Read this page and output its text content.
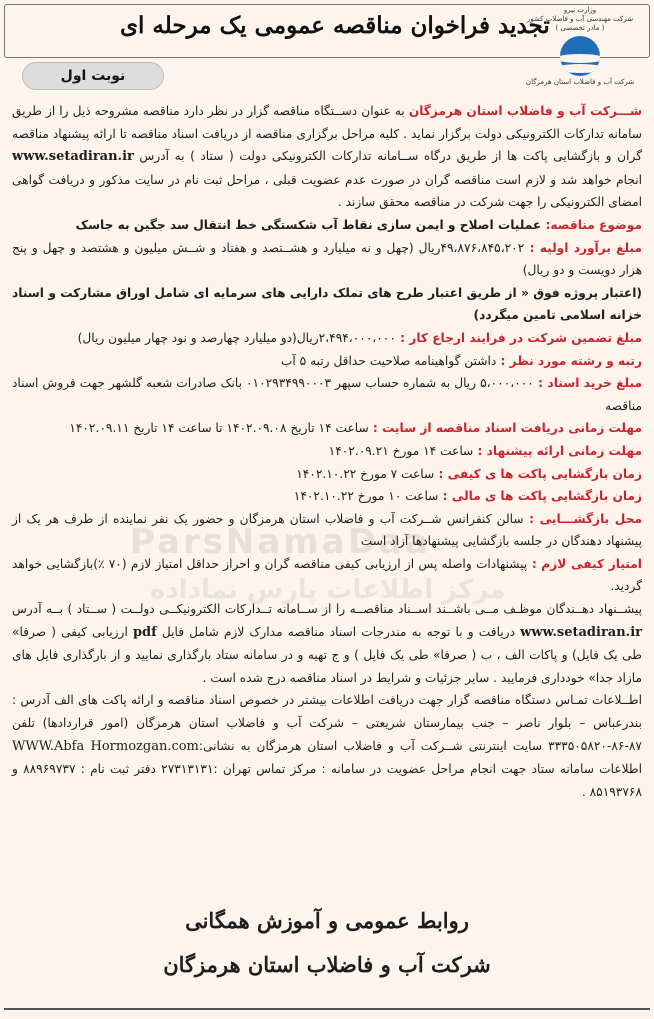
تجدید فراخوان مناقصه عمومی یک مرحله ای
وزارت نیرو
شرکت مهندسی آب و فاضلاب کشور
( مادر تخصصی )
شرکت آب و فاضلاب استان هرمزگان
نوبت اول
ParsNamaDaa
مرکز اطلاعات پارس نماداده

شـــرکت آب و فاضلاب استان هرمزگان به عنوان دســتگاه مناقصه گزار در نظر دارد مناقصه مشروحه ذیل را از طریق سامانه تدارکات الکترونیکی دولت برگزار نماید . کلیه مراحل برگزاری مناقصه از دریافت اسناد مناقصه تا ارائه پیشنهاد مناقصه گران و بازگشایی پاکت ها از طریق درگاه ســامانه تدارکات الکترونیکی دولت ( ستاد ) به آدرس www.setadiran.ir انجام خواهد شد و لازم است مناقصه گران در صورت عدم عضویت قبلی ، مراحل ثبت نام در سایت مذکور و دریافت گواهی امضای الکترونیکی را جهت شرکت در مناقصه محقق سازند .

موضوع مناقصه: عملیات اصلاح و ایمن سازی نقاط آب شکستگی خط انتقال سد جگین به جاسک

مبلغ برآورد اولیه : ۴۹،۸۷۶،۸۴۵،۲۰۲ریال (چهل و نه میلیارد و هشــتصد و هفتاد و شــش میلیون و هشتصد و چهل و پنج هزار دویست و دو ریال)

(اعتبار پروژه فوق « از طریق اعتبار طرح های تملک دارایی های سرمایه ای شامل اوراق مشارکت و اسناد خزانه اسلامی تامین میگردد)

مبلغ تضمین شرکت در فرایند ارجاع کار : ۲،۴۹۴،۰۰۰،۰۰۰ریال(دو میلیارد چهارصد و نود چهار میلیون ریال)

رتبه و رشته مورد نظر : داشتن گواهینامه صلاحیت حداقل رتبه ۵ آب

مبلغ خرید اسناد : ۵،۰۰۰،۰۰۰ ریال به شماره حساب سپهر ۰۱۰۲۹۳۴۹۹۰۰۰۳ بانک صادرات شعبه گلشهر جهت فروش اسناد مناقصه

مهلت زمانی دریافت اسناد مناقصه از سایت : ساعت ۱۴ تاریخ ۱۴۰۲.۰۹.۰۸ تا ساعت ۱۴ تاریخ ۱۴۰۲.۰۹.۱۱

مهلت زمانی ارائه پیشنهاد : ساعت ۱۴ مورخ ۱۴۰۲.۰۹.۲۱

زمان بازگشایی پاکت ها ی کیفی : ساعت ۷ مورخ ۱۴۰۲.۱۰.۲۲

زمان بازگشایی پاکت ها ی مالی : ساعت ۱۰ مورخ ۱۴۰۲.۱۰.۲۲

محل بازگشـــایی : سالن کنفرانس شــرکت آب و فاضلاب استان هرمزگان و حضور یک نفر نماینده از طرف هر یک از پیشنهاد دهندگان در جلسه بازگشایی پیشنهادها آزاد است

امتیاز کیفی لازم : پیشنهادات واصله پس از ارزیابی کیفی مناقصه گران و احراز حداقل امتیاز لازم (۷۰ ٪)بازگشایی خواهد گردید.

پیشــنهاد دهــندگان موظـف مــی باشــند اســناد مناقصــه را از ســامانه تــدارکات الکترونیکــی دولــت ( ســتاد ) بــه آدرس www.setadiran.ir دریافت و با توجه به مندرجات اسناد مناقصه مدارک لازم شامل فایل pdf ارزیابی کیفی ( صرفا» طی یک فایل) و پاکات الف ، ب ( صرفا» طی یک فایل ) و ج تهیه و در سامانه ستاد بارگذاری نمایید و از بارگذاری فایل های مازاد جدا» خودداری فرمایید . سایر جزئیات و شرایط در اسناد مناقصه درج شده است .

اطــلاعات تمـاس دستگاه مناقصه گزار جهت دریافت اطلاعات بیشتر در خصوص اسناد مناقصه و ارائه پاکت های الف آدرس : بندرعباس – بلوار ناصر – جنب بیمارستان شریعتی – شرکت آب و فاضلاب استان هرمزگان (امور قراردادها) تلفن ۸۷-۸۶-۳۳۳۵۰۵۸۲۰ سایت اینترنتی شــرکت آب و فاضلاب استان هرمزگان به نشانی:WWW.Abfa Hormozgan.com اطلاعات سامانه ستاد جهت انجام مراحل عضویت در سامانه : مرکز تماس تهران :۲۷۳۱۳۱۳۱ دفتر ثبت نام : ۸۸۹۶۹۷۳۷ و ۸۵۱۹۳۷۶۸ .

روابط عمومی و آموزش همگانی
شرکت آب و فاضلاب استان هرمزگان
